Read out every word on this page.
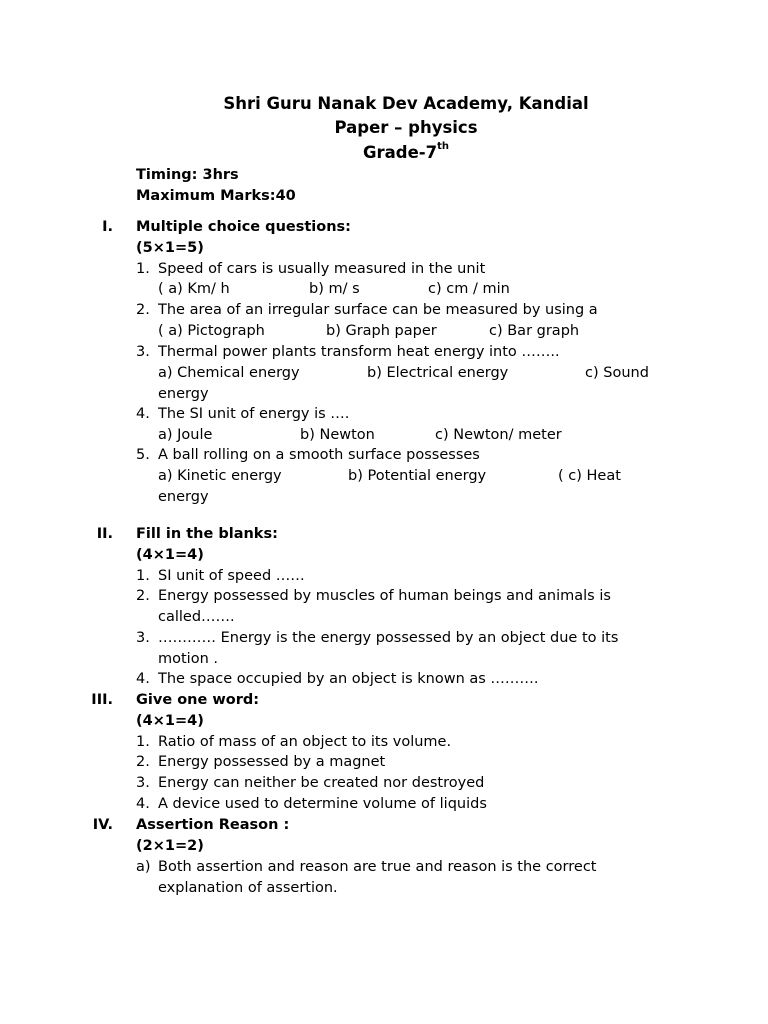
Shri Guru Nanak Dev Academy, Kandial
Paper – physics
Grade-7th
Timing: 3hrs
Maximum Marks:40
I. Multiple choice questions:
(5×1=5)
1. Speed of cars is usually measured in the unit
( a) Km/ h	b) m/ s	c) cm / min
2. The area of an irregular surface can be measured by using a
( a) Pictograph	b) Graph paper	c) Bar graph
3. Thermal power plants transform heat energy into ……..
a) Chemical energy	b) Electrical energy	c) Sound
energy
4. The SI unit of energy is ….
a) Joule	b) Newton	c) Newton/ meter
5. A ball rolling on a smooth surface possesses
a) Kinetic energy	b) Potential energy	( c) Heat
energy
II. Fill in the blanks:
(4×1=4)
1. SI unit of speed ……
2. Energy possessed by muscles of human beings and animals is
called…….
3. ………… Energy is the energy possessed by an object due to its
motion .
4. The space occupied by an object is known as ……….
III. Give one word:
(4×1=4)
1. Ratio of mass of an object to its volume.
2. Energy possessed by a magnet
3. Energy can neither be created nor destroyed
4. A device used to determine volume of liquids
IV. Assertion Reason :
(2×1=2)
a) Both assertion and reason are true and reason is the correct
explanation of assertion.
